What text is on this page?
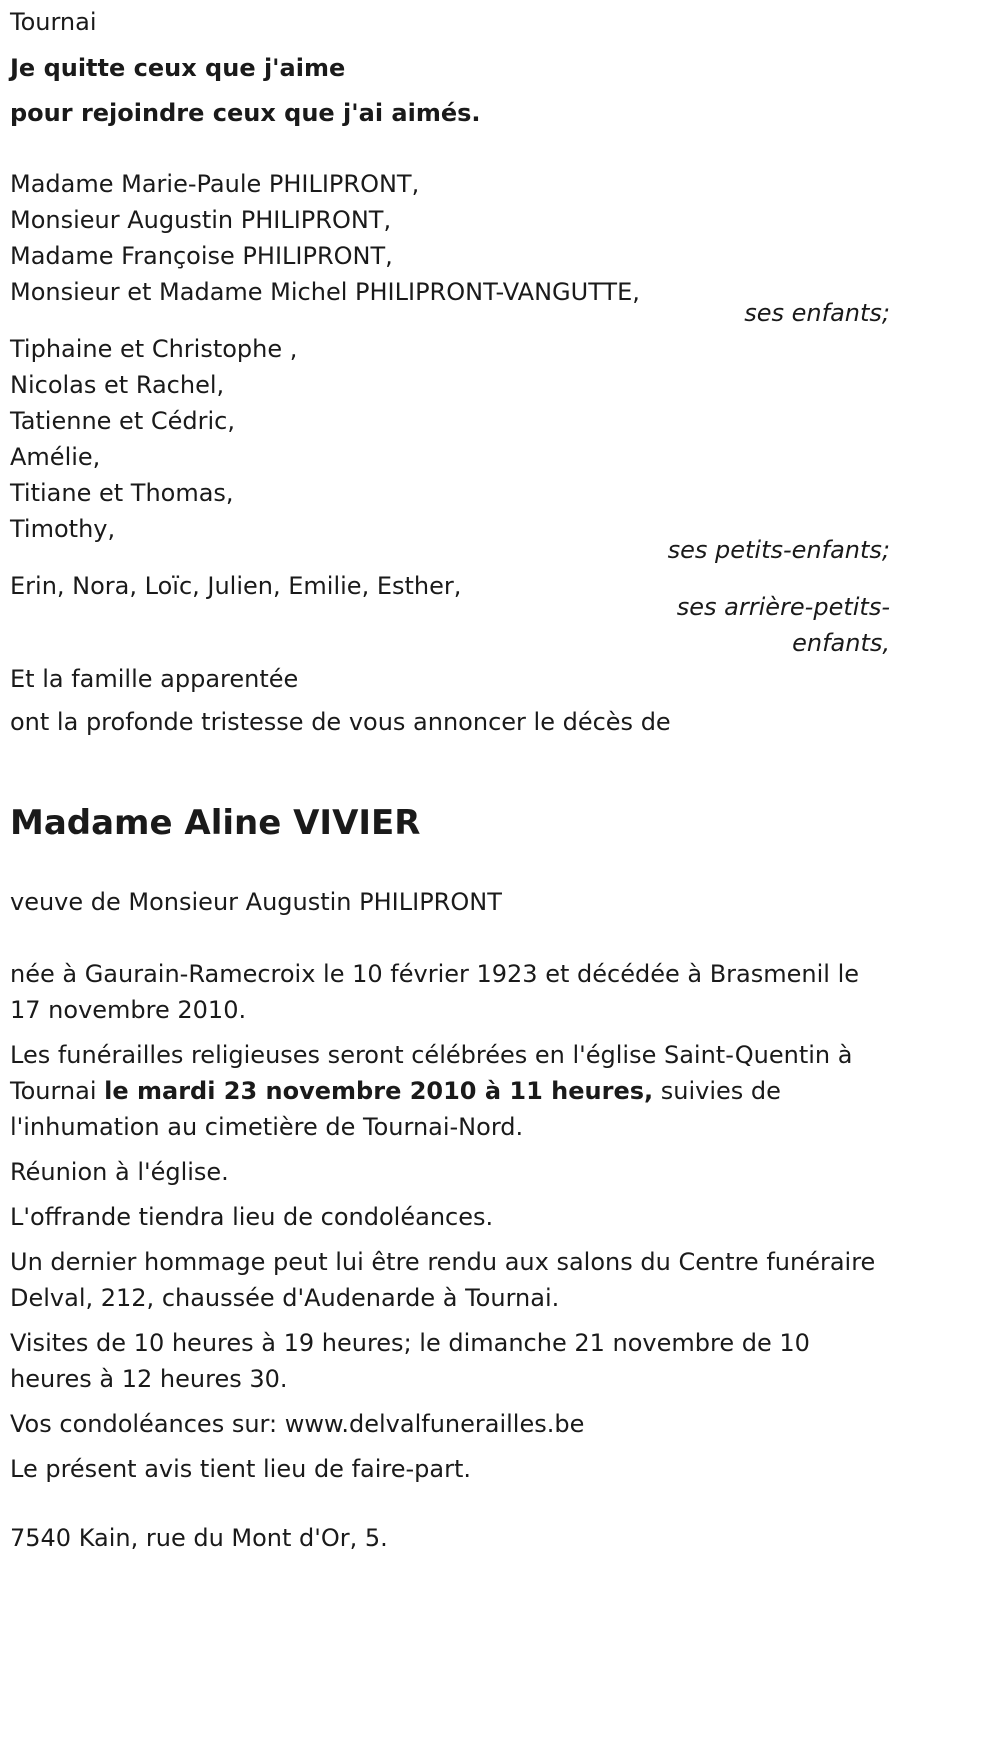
Tournai
Je quitte ceux que j'aime
pour rejoindre ceux que j'ai aimés.
Madame Marie-Paule PHILIPRONT,
Monsieur Augustin PHILIPRONT,
Madame Françoise PHILIPRONT,
Monsieur et Madame Michel PHILIPRONT-VANGUTTE,
ses enfants;
Tiphaine et Christophe ,
Nicolas et Rachel,
Tatienne et Cédric,
Amélie,
Titiane et Thomas,
Timothy,
ses petits-enfants;
Erin, Nora, Loïc, Julien, Emilie, Esther,
ses arrière-petits-
enfants,
Et la famille apparentée
ont la profonde tristesse de vous annoncer le décès de
Madame Aline VIVIER
veuve de Monsieur Augustin PHILIPRONT
née à Gaurain-Ramecroix le 10 février 1923 et décédée à Brasmenil le 17 novembre 2010.
Les funérailles religieuses seront célébrées en l'église Saint-Quentin à Tournai le mardi 23 novembre 2010 à 11 heures, suivies de l'inhumation au cimetière de Tournai-Nord.
Réunion à l'église.
L'offrande tiendra lieu de condoléances.
Un dernier hommage peut lui être rendu aux salons du Centre funéraire Delval, 212, chaussée d'Audenarde à Tournai.
Visites de 10 heures à 19 heures; le dimanche 21 novembre de 10 heures à 12 heures 30.
Vos condoléances sur: www.delvalfunerailles.be
Le présent avis tient lieu de faire-part.
7540 Kain, rue du Mont d'Or, 5.
